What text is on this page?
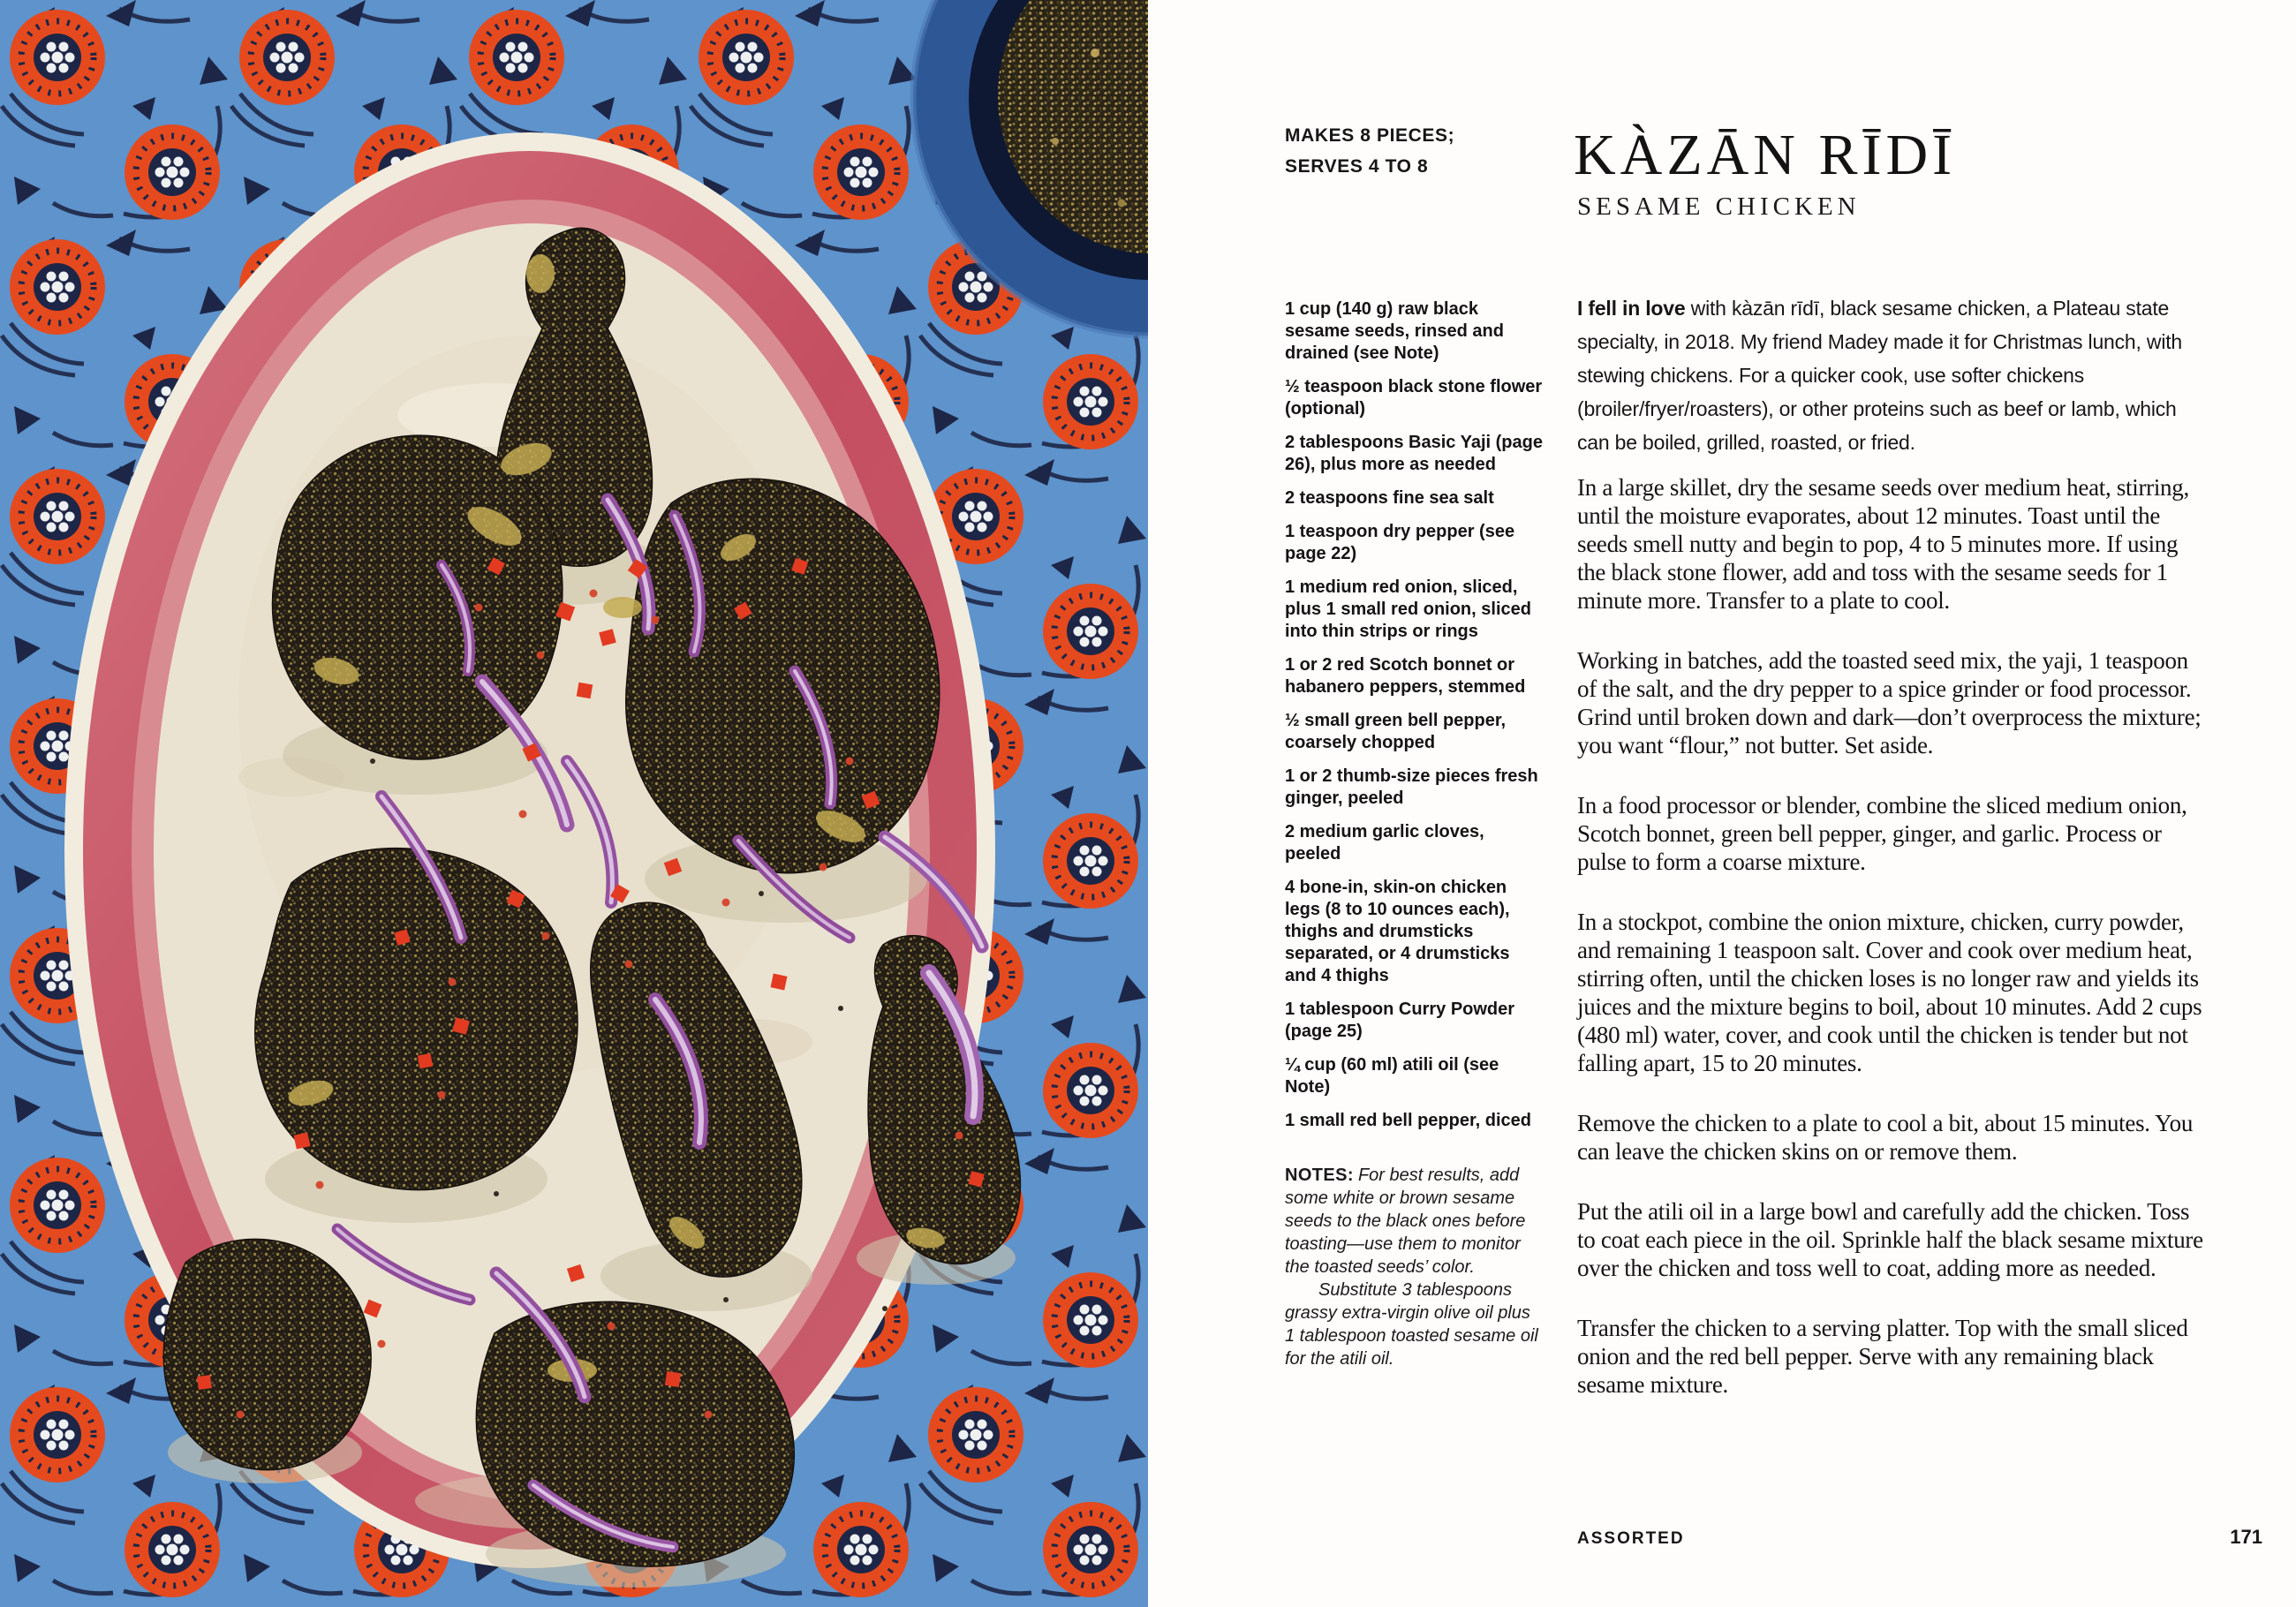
MAKES 8 PIECES;
SERVES 4 TO 8	KÀZĀN RĪDĪ
SESAME CHICKEN

1 cup (140 g) raw black sesame seeds, rinsed and drained (see Note)

½ teaspoon black stone flower (optional)

2 tablespoons Basic Yaji (page 26), plus more as needed

2 teaspoons fine sea salt

1 teaspoon dry pepper (see page 22)

1 medium red onion, sliced, plus 1 small red onion, sliced into thin strips or rings

1 or 2 red Scotch bonnet or habanero peppers, stemmed

½ small green bell pepper, coarsely chopped

1 or 2 thumb-size pieces fresh ginger, peeled

2 medium garlic cloves, peeled

4 bone-in, skin-on chicken legs (8 to 10 ounces each), thighs and drumsticks separated, or 4 drumsticks and 4 thighs

1 tablespoon Curry Powder (page 25)

¼ cup (60 ml) atili oil (see Note)

1 small red bell pepper, diced

NOTES: For best results, add some white or brown sesame seeds to the black ones before toasting—use them to monitor the toasted seeds’ color.

Substitute 3 tablespoons grassy extra-virgin olive oil plus 1 tablespoon toasted sesame oil for the atili oil.

I fell in love with kàzān rīdī, black sesame chicken, a Plateau state specialty, in 2018. My friend Madey made it for Christmas lunch, with stewing chickens. For a quicker cook, use softer chickens (broiler/fryer/roasters), or other proteins such as beef or lamb, which can be boiled, grilled, roasted, or fried.

In a large skillet, dry the sesame seeds over medium heat, stirring, until the moisture evaporates, about 12 minutes. Toast until the seeds smell nutty and begin to pop, 4 to 5 minutes more. If using the black stone flower, add and toss with the sesame seeds for 1 minute more. Transfer to a plate to cool.

Working in batches, add the toasted seed mix, the yaji, 1 teaspoon of the salt, and the dry pepper to a spice grinder or food processor. Grind until broken down and dark—don’t overprocess the mixture; you want “flour,” not butter. Set aside.

In a food processor or blender, combine the sliced medium onion, Scotch bonnet, green bell pepper, ginger, and garlic. Process or pulse to form a coarse mixture.

In a stockpot, combine the onion mixture, chicken, curry powder, and remaining 1 teaspoon salt. Cover and cook over medium heat, stirring often, until the chicken loses is no longer raw and yields its juices and the mixture begins to boil, about 10 minutes. Add 2 cups (480 ml) water, cover, and cook until the chicken is tender but not falling apart, 15 to 20 minutes.

Remove the chicken to a plate to cool a bit, about 15 minutes. You can leave the chicken skins on or remove them.

Put the atili oil in a large bowl and carefully add the chicken. Toss to coat each piece in the oil. Sprinkle half the black sesame mixture over the chicken and toss well to coat, adding more as needed.

Transfer the chicken to a serving platter. Top with the small sliced onion and the red bell pepper. Serve with any remaining black sesame mixture.

ASSORTED	171
